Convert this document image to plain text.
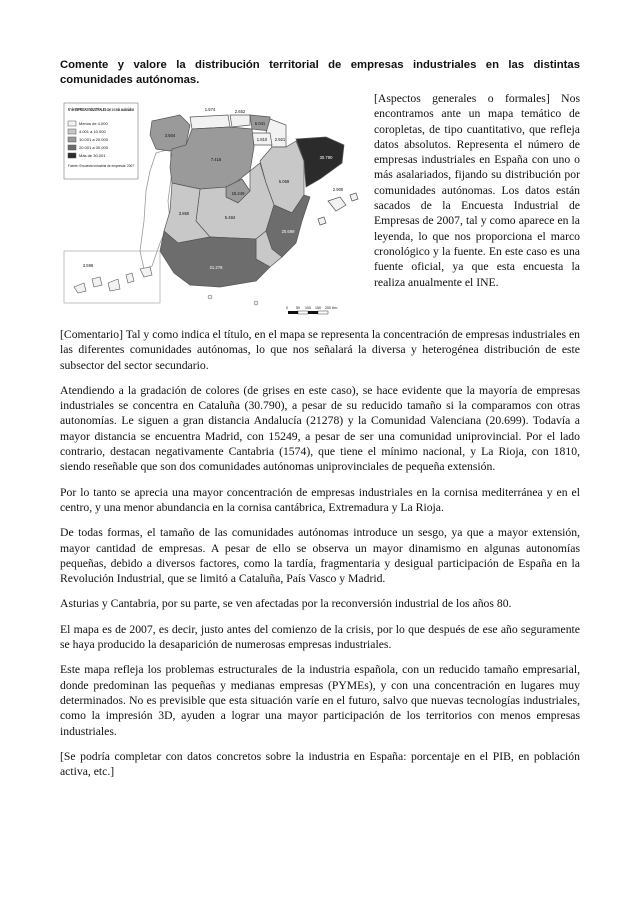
Comente y valore la distribución territorial de empresas industriales en las distintas comunidades autónomas.
2.652
1.574
6.041
2.921
1.810
7.416	30.790
15.249
5.484
20.699
3.860
5.069
21.278
3.504
2.900
3.596
Nº de EMPRESAS INDUSTRIALES con 1 o más asalariados
Menos de 4.000
4.001 a 10.000
10.001 a 20.000
20.001 a 30.000
Más de 30.001
Fuente: Encuesta Industrial de empresas. 2007
0 50 100 150 200 Km

[Aspectos generales o formales] Nos encontramos ante un mapa temático de coropletas, de tipo cuantitativo, que refleja datos absolutos. Representa el número de empresas industriales en España con uno o más asalariados, fijando su distribución por comunidades autónomas. Los datos están sacados de la Encuesta Industrial de Empresas de 2007, tal y como aparece en la leyenda, lo que nos proporciona el marco cronológico y la fuente. En este caso es una fuente oficial, ya que esta encuesta la realiza anualmente el INE.

[Comentario] Tal y como indica el título, en el mapa se representa la concentración de empresas industriales en las diferentes comunidades autónomas, lo que nos señalará la diversa y heterogénea distribución de este subsector del sector secundario.

Atendiendo a la gradación de colores (de grises en este caso), se hace evidente que la mayoría de empresas industriales se concentra en Cataluña (30.790), a pesar de su reducido tamaño si la comparamos con otras autonomías. Le siguen a gran distancia Andalucía (21278) y la Comunidad Valenciana (20.699). Todavía a mayor distancia se encuentra Madrid, con 15249, a pesar de ser una comunidad uniprovincial. Por el lado contrario, destacan negativamente Cantabria (1574), que tiene el mínimo nacional, y La Rioja, con 1810, siendo reseñable que son dos comunidades autónomas uniprovinciales de pequeña extensión.

Por lo tanto se aprecia una mayor concentración de empresas industriales en la cornisa mediterránea y en el centro, y una menor abundancia en la cornisa cantábrica, Extremadura y La Rioja.

De todas formas, el tamaño de las comunidades autónomas introduce un sesgo, ya que a mayor extensión, mayor cantidad de empresas. A pesar de ello se observa un mayor dinamismo en algunas autonomías pequeñas, debido a diversos factores, como la tardía, fragmentaria y desigual participación de España en la Revolución Industrial, que se limitó a Cataluña, País Vasco y Madrid.

Asturias y Cantabria, por su parte, se ven afectadas por la reconversión industrial de los años 80.

El mapa es de 2007, es decir, justo antes del comienzo de la crisis, por lo que después de ese año seguramente se haya producido la desaparición de numerosas empresas industriales.

Este mapa refleja los problemas estructurales de la industria española, con un reducido tamaño empresarial, donde predominan las pequeñas y medianas empresas (PYMEs), y con una concentración en lugares muy determinados. No es previsible que esta situación varíe en el futuro, salvo que nuevas tecnologías industriales, como la impresión 3D, ayuden a lograr una mayor participación de los territorios con menos empresas industriales.

[Se podría completar con datos concretos sobre la industria en España: porcentaje en el PIB, en población activa, etc.]
